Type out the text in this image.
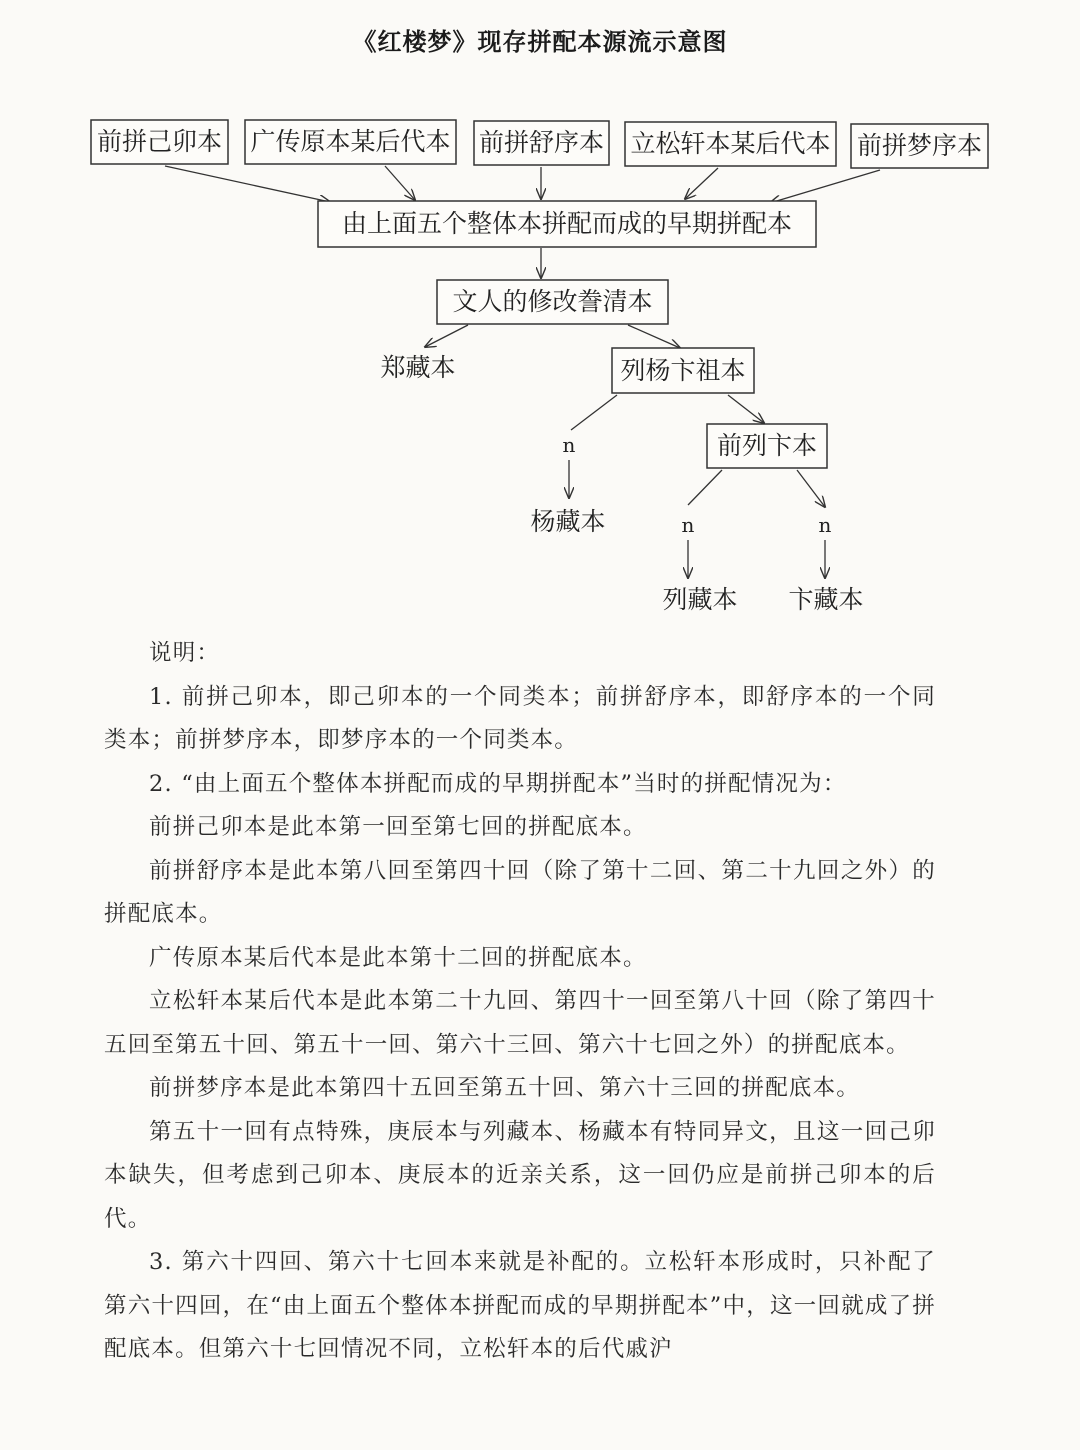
《红楼梦》现存拼配本源流示意图
前拼己卯本 广传原本某后代本 前拼舒序本 立松轩本某后代本 前拼梦序本
由上面五个整体本拼配而成的早期拼配本
文人的修改誊清本
郑藏本	列杨卞祖本
n	前列卞本
杨藏本	n	n
列藏本 卞藏本

说明：

1. 前拼己卯本，即己卯本的一个同类本；前拼舒序本，即舒序本的一个同类本；前拼梦序本，即梦序本的一个同类本。

2. “由上面五个整体本拼配而成的早期拼配本”当时的拼配情况为：

前拼己卯本是此本第一回至第七回的拼配底本。

前拼舒序本是此本第八回至第四十回（除了第十二回、第二十九回之外）的拼配底本。

广传原本某后代本是此本第十二回的拼配底本。

立松轩本某后代本是此本第二十九回、第四十一回至第八十回（除了第四十五回至第五十回、第五十一回、第六十三回、第六十七回之外）的拼配底本。

前拼梦序本是此本第四十五回至第五十回、第六十三回的拼配底本。

第五十一回有点特殊，庚辰本与列藏本、杨藏本有特同异文，且这一回己卯本缺失，但考虑到己卯本、庚辰本的近亲关系，这一回仍应是前拼己卯本的后代。

3. 第六十四回、第六十七回本来就是补配的。立松轩本形成时，只补配了第六十四回，在“由上面五个整体本拼配而成的早期拼配本”中，这一回就成了拼配底本。但第六十七回情况不同，立松轩本的后代戚沪
